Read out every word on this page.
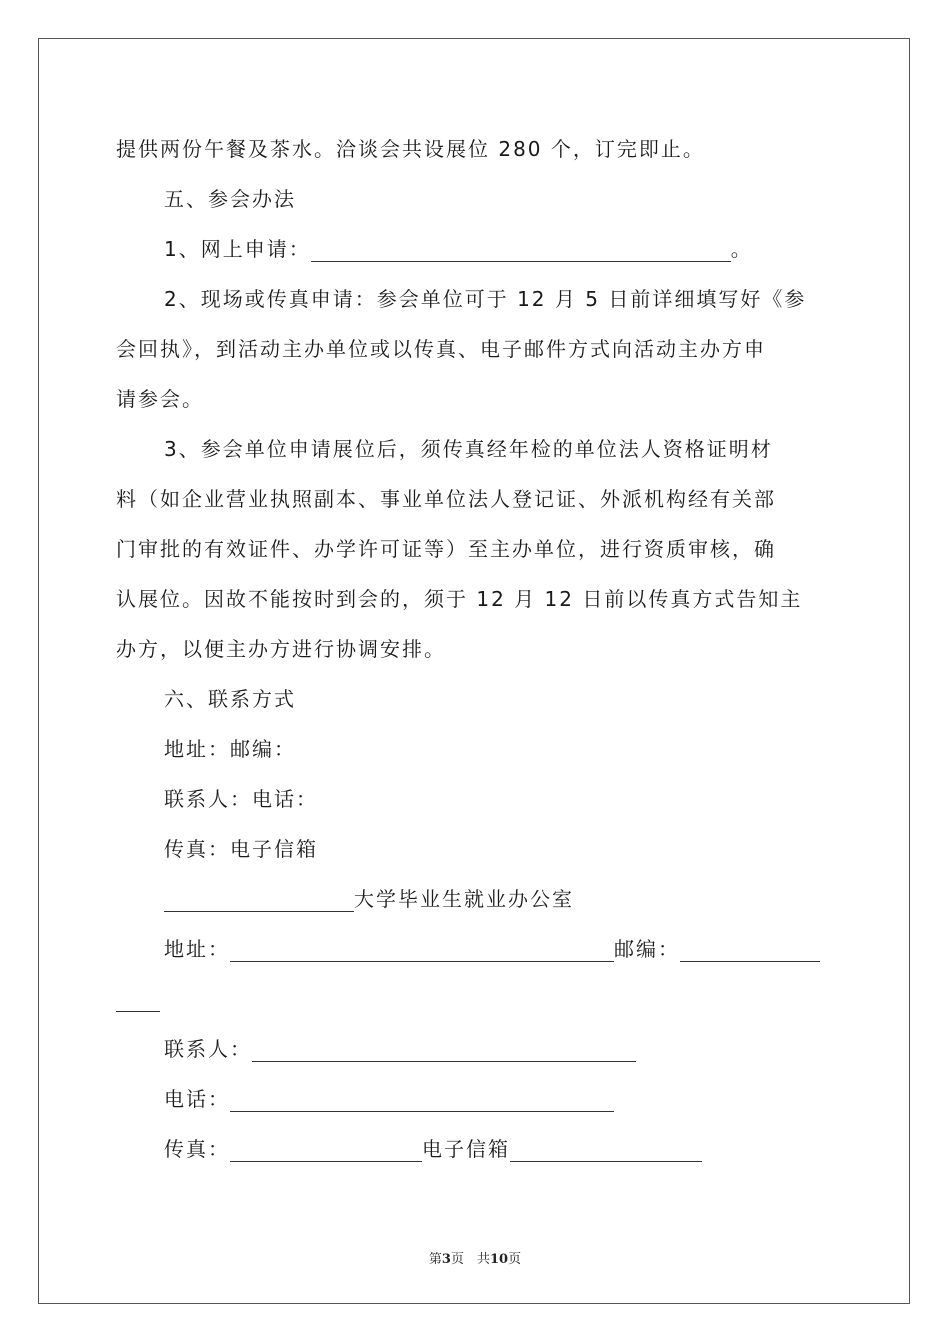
提供两份午餐及茶水。洽谈会共设展位 280 个，订完即止。
五、参会办法
1、网上申请：	。
2、现场或传真申请：参会单位可于 12 月 5 日前详细填写好《参
会回执》，到活动主办单位或以传真、电子邮件方式向活动主办方申
请参会。
3、参会单位申请展位后，须传真经年检的单位法人资格证明材
料（如企业营业执照副本、事业单位法人登记证、外派机构经有关部
门审批的有效证件、办学许可证等）至主办单位，进行资质审核，确
认展位。因故不能按时到会的，须于 12 月 12 日前以传真方式告知主
办方，以便主办方进行协调安排。
六、联系方式
地址：邮编：
联系人：电话：
传真：电子信箱
大学毕业生就业办公室
地址：	邮编：
联系人：
电话：
传真：	电子信箱
第3页　共10页
